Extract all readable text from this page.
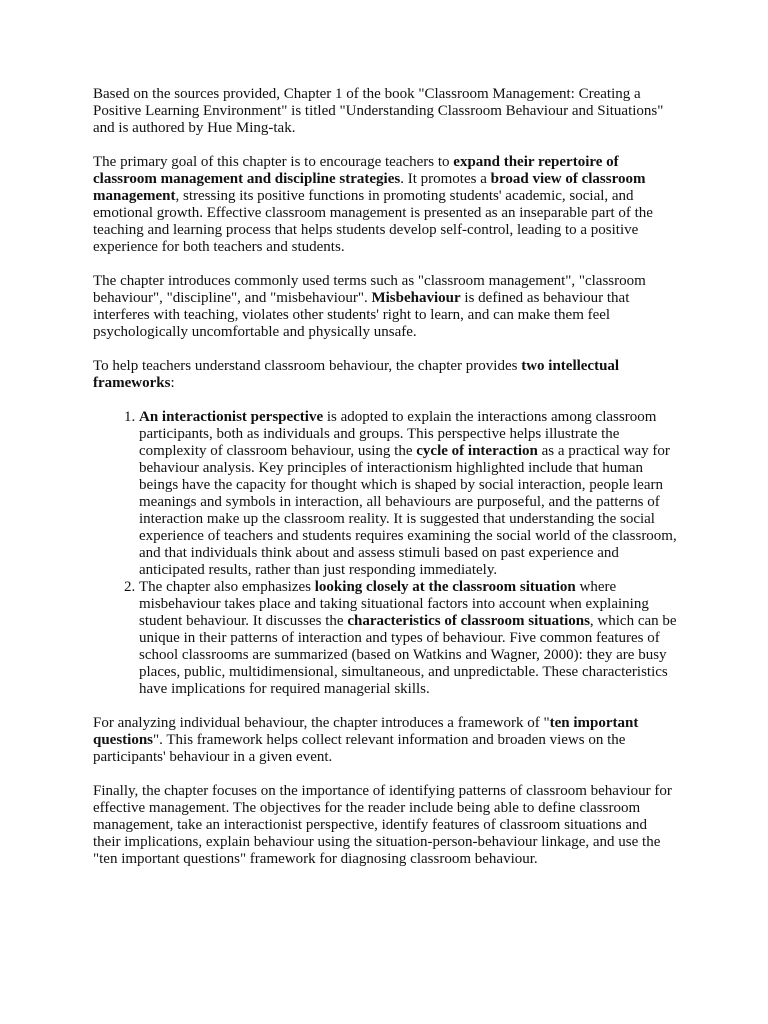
Based on the sources provided, Chapter 1 of the book "Classroom Management: Creating a Positive Learning Environment" is titled "Understanding Classroom Behaviour and Situations" and is authored by Hue Ming-tak.

The primary goal of this chapter is to encourage teachers to expand their repertoire of classroom management and discipline strategies. It promotes a broad view of classroom management, stressing its positive functions in promoting students' academic, social, and emotional growth. Effective classroom management is presented as an inseparable part of the teaching and learning process that helps students develop self-control, leading to a positive experience for both teachers and students.

The chapter introduces commonly used terms such as "classroom management", "classroom behaviour", "discipline", and "misbehaviour". Misbehaviour is defined as behaviour that interferes with teaching, violates other students' right to learn, and can make them feel psychologically uncomfortable and physically unsafe.

To help teachers understand classroom behaviour, the chapter provides two intellectual frameworks:

1. An interactionist perspective is adopted to explain the interactions among classroom participants, both as individuals and groups. This perspective helps illustrate the complexity of classroom behaviour, using the cycle of interaction as a practical way for behaviour analysis. Key principles of interactionism highlighted include that human beings have the capacity for thought which is shaped by social interaction, people learn meanings and symbols in interaction, all behaviours are purposeful, and the patterns of interaction make up the classroom reality. It is suggested that understanding the social experience of teachers and students requires examining the social world of the classroom, and that individuals think about and assess stimuli based on past experience and anticipated results, rather than just responding immediately.
2. The chapter also emphasizes looking closely at the classroom situation where misbehaviour takes place and taking situational factors into account when explaining student behaviour. It discusses the characteristics of classroom situations, which can be unique in their patterns of interaction and types of behaviour. Five common features of school classrooms are summarized (based on Watkins and Wagner, 2000): they are busy places, public, multidimensional, simultaneous, and unpredictable. These characteristics have implications for required managerial skills.

For analyzing individual behaviour, the chapter introduces a framework of "ten important questions". This framework helps collect relevant information and broaden views on the participants' behaviour in a given event.

Finally, the chapter focuses on the importance of identifying patterns of classroom behaviour for effective management. The objectives for the reader include being able to define classroom management, take an interactionist perspective, identify features of classroom situations and their implications, explain behaviour using the situation-person-behaviour linkage, and use the "ten important questions" framework for diagnosing classroom behaviour.
